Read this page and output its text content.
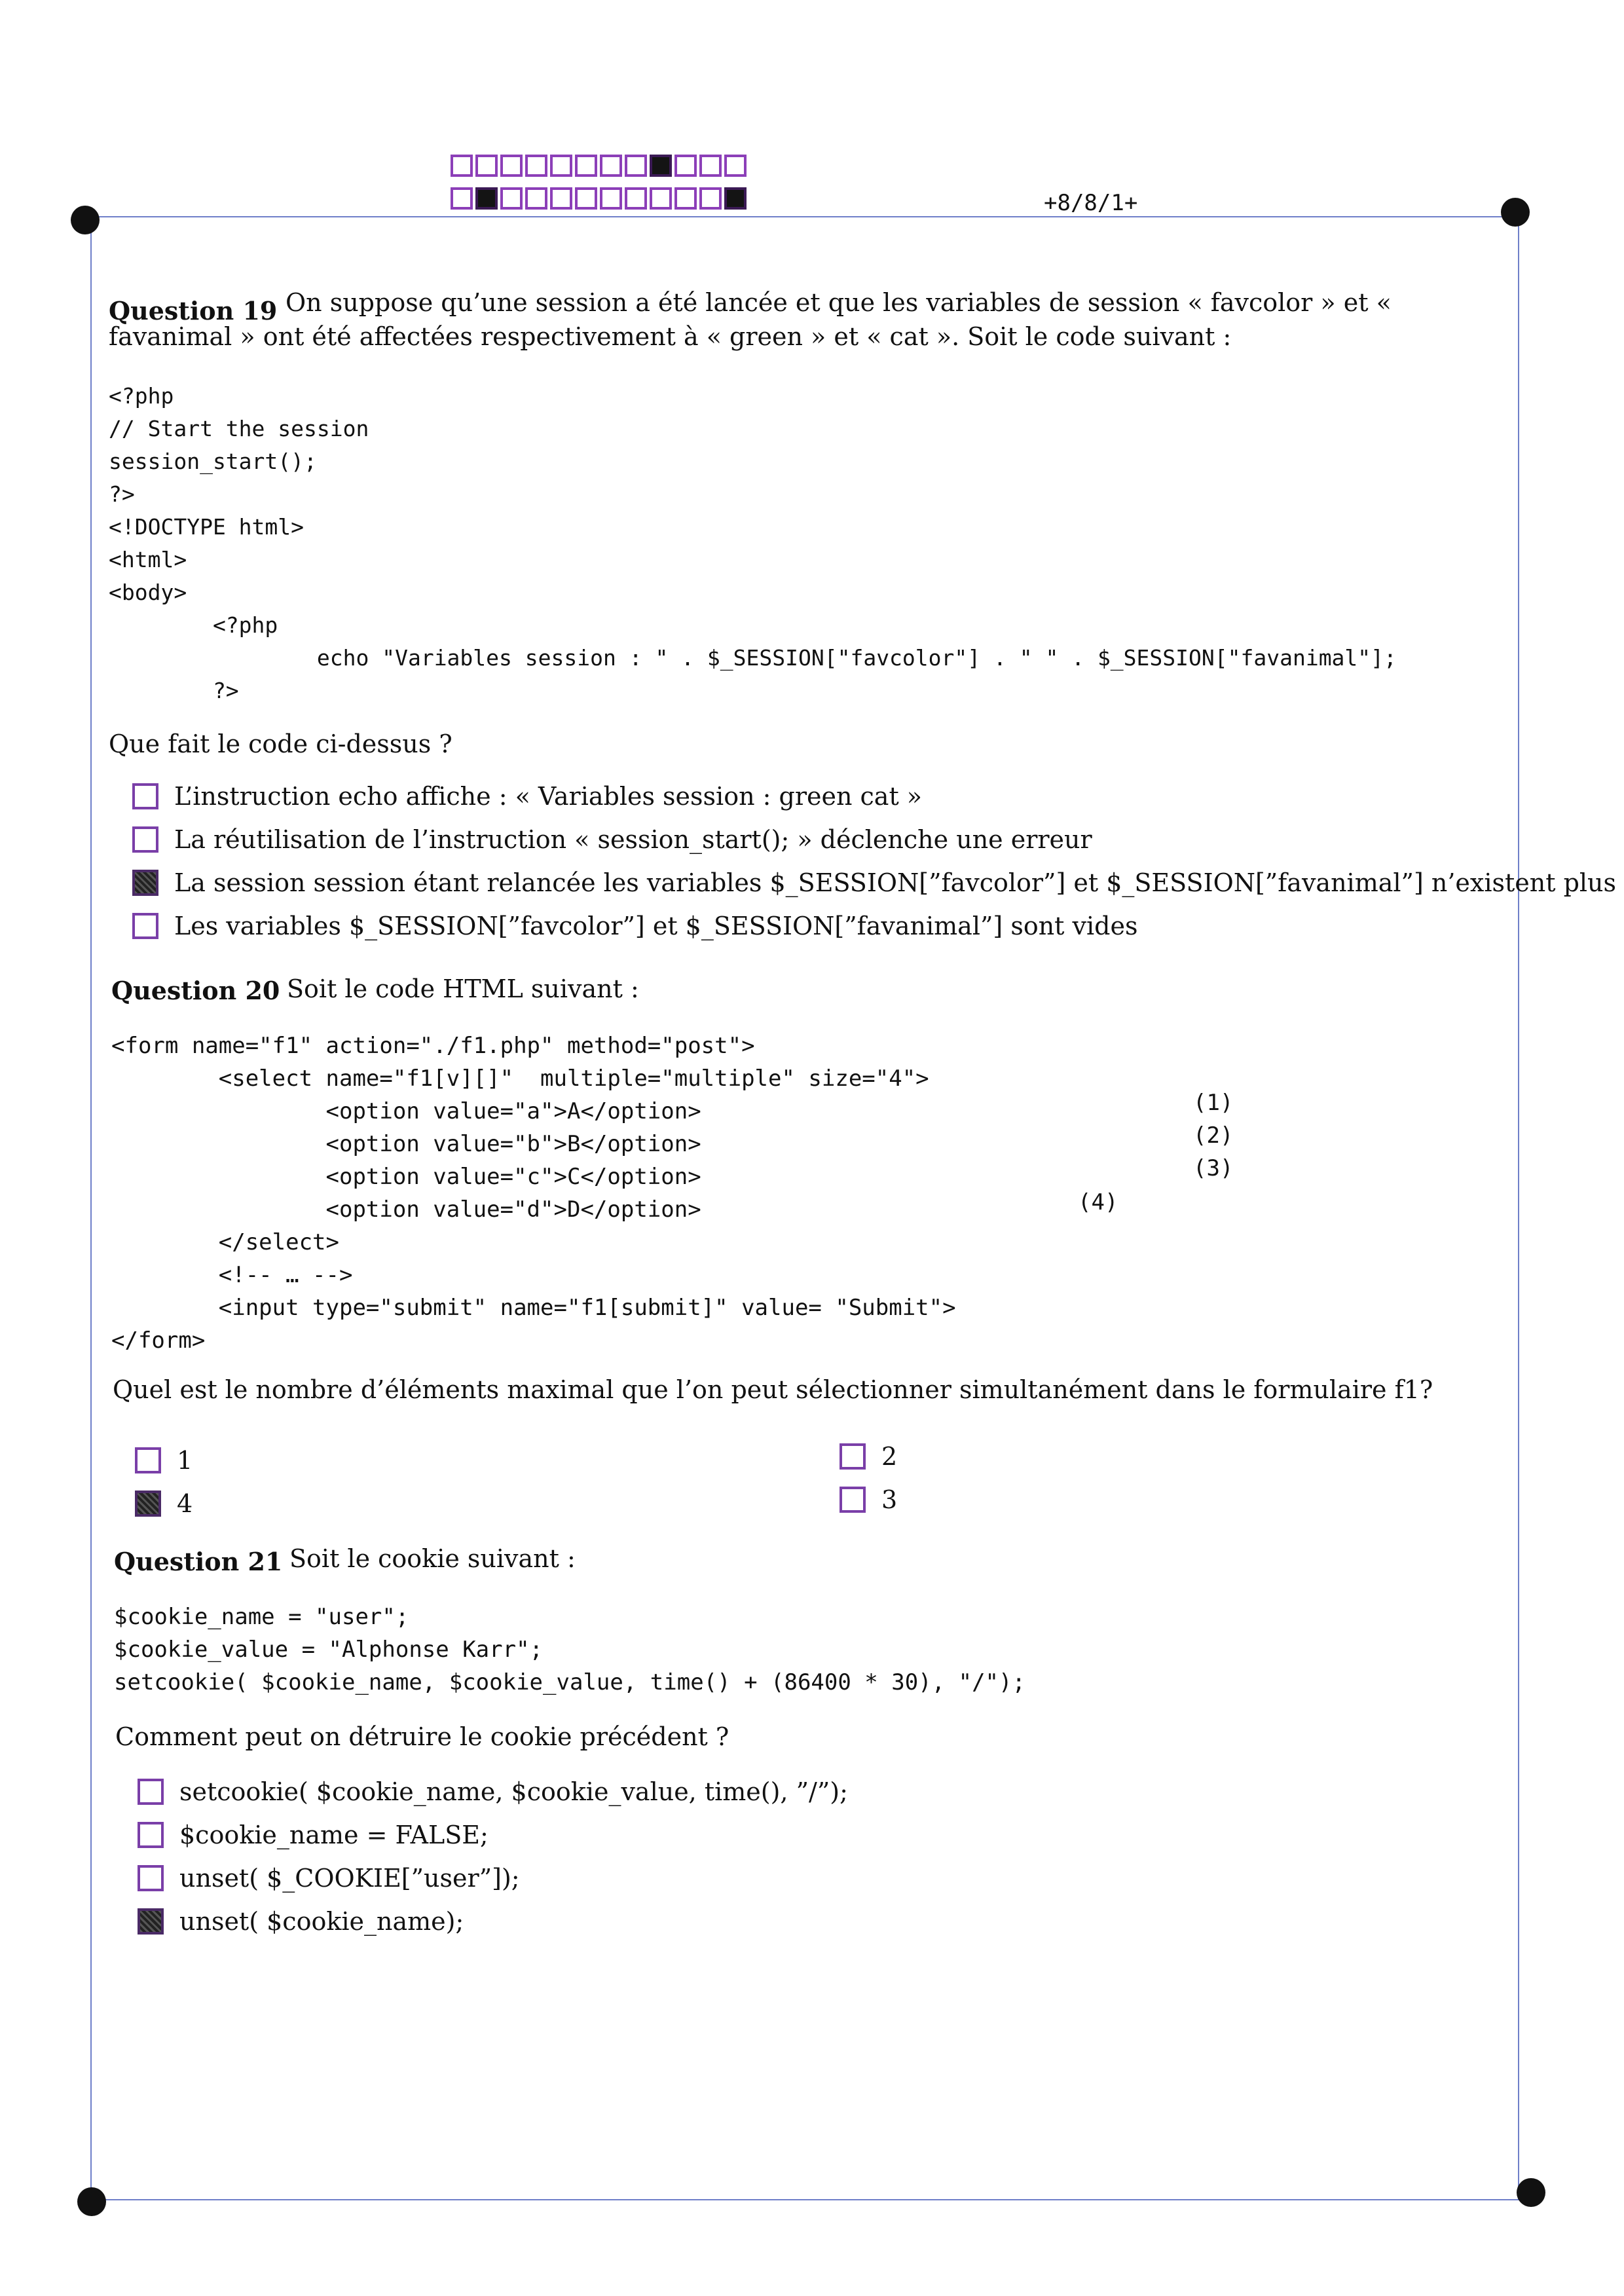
+8/8/1+
Question 19 On suppose qu’une session a été lancée et que les variables de session « favcolor » et « favanimal » ont été affectées respectivement à « green » et « cat ». Soit le code suivant :
<?php
// Start the session
session_start();
?>
<!DOCTYPE html>
<html>
<body>
<?php
echo "Variables session : " . $_SESSION["favcolor"] . " " . $_SESSION["favanimal"];
?>
Que fait le code ci-dessus ?
L’instruction echo affiche : « Variables session : green cat »
La réutilisation de l’instruction « session_start(); » déclenche une erreur
La session session étant relancée les variables $_SESSION[”favcolor”] et $_SESSION[”favanimal”] n’existent plus
Les variables $_SESSION[”favcolor”] et $_SESSION[”favanimal”] sont vides
Question 20 Soit le code HTML suivant :
<form name="f1" action="./f1.php" method="post">
<select name="f1[v][]"  multiple="multiple" size="4">
<option value="a">A</option>
<option value="b">B</option>
<option value="c">C</option>
<option value="d">D</option>
</select>
<!-- … -->
<input type="submit" name="f1[submit]" value= "Submit">
</form>
(1)
(2)
(3)
(4)
Quel est le nombre d’éléments maximal que l’on peut sélectionner simultanément dans le formulaire f1?
1
4
2
3
Question 21 Soit le cookie suivant :
$cookie_name = "user";
$cookie_value = "Alphonse Karr";
setcookie( $cookie_name, $cookie_value, time() + (86400 * 30), "/");
Comment peut on détruire le cookie précédent ?
setcookie( $cookie_name, $cookie_value, time(), ”/”);
$cookie_name = FALSE;
unset( $_COOKIE[”user”]);
unset( $cookie_name);
